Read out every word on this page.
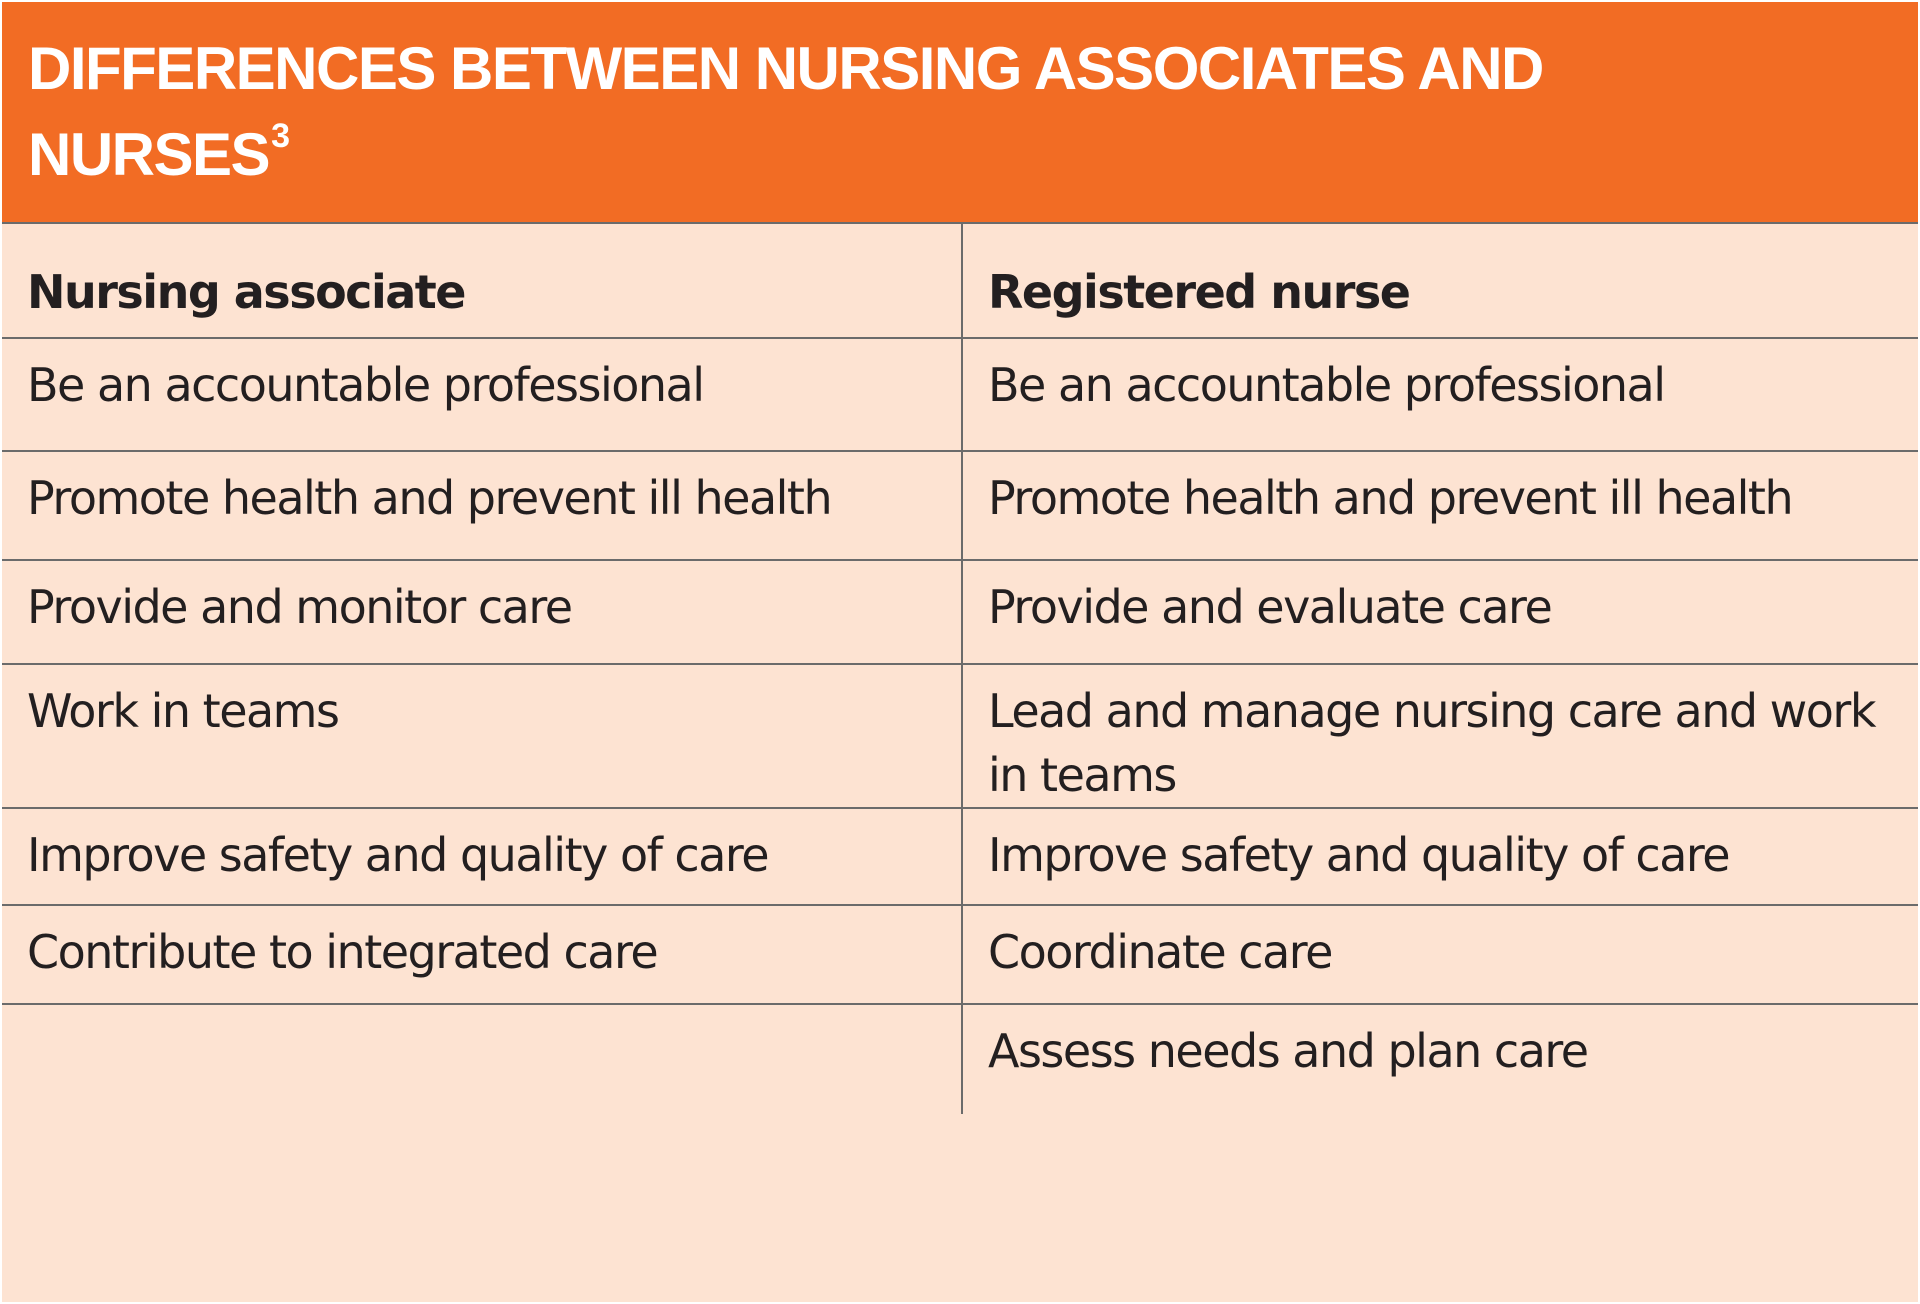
DIFFERENCES BETWEEN NURSING ASSOCIATES AND NURSES$^3$
Nursing associate	Registered nurse
Be an accountable professional	Be an accountable professional
Promote health and prevent ill health	Promote health and prevent ill health
Provide and monitor care	Provide and evaluate care
Work in teams	Lead and manage nursing care and work in teams
Improve safety and quality of care	Improve safety and quality of care
Contribute to integrated care	Coordinate care
	Assess needs and plan care
